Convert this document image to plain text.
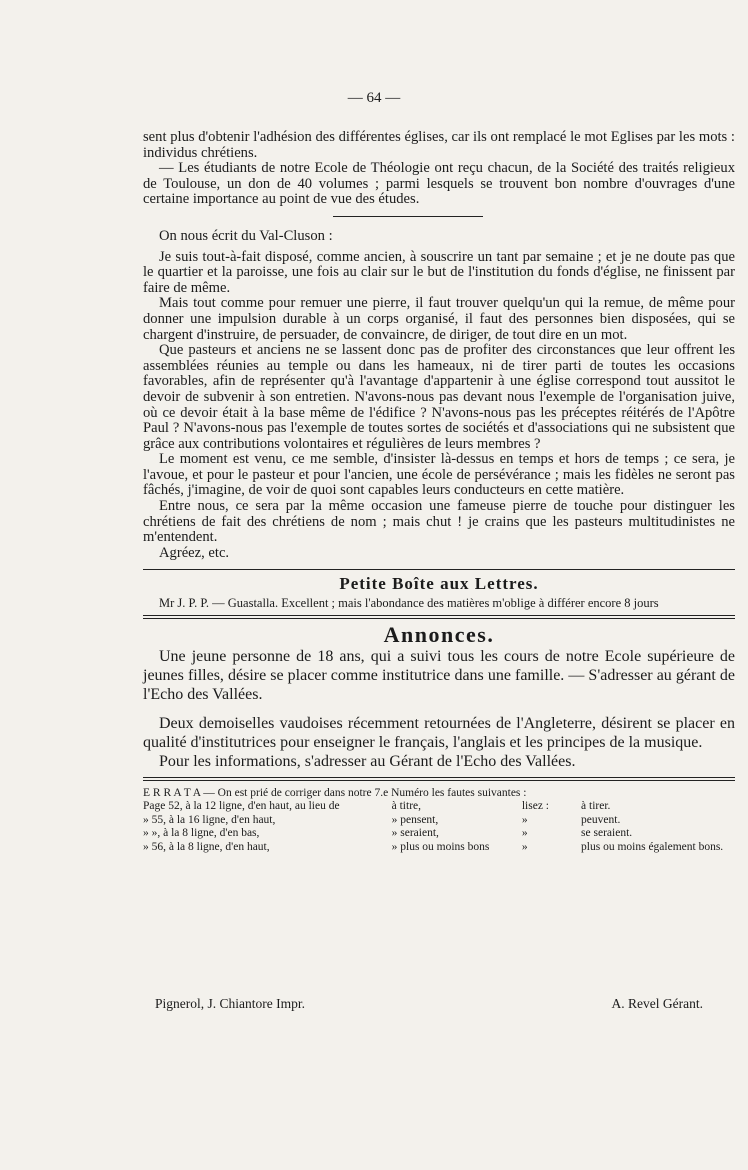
— 64 —

sent plus d'obtenir l'adhésion des différentes églises, car ils ont remplacé le mot Eglises par les mots : individus chrétiens.

— Les étudiants de notre Ecole de Théologie ont reçu chacun, de la Société des traités religieux de Toulouse, un don de 40 volumes ; parmi lesquels se trouvent bon nombre d'ouvrages d'une certaine importance au point de vue des études.

On nous écrit du Val-Cluson :

Je suis tout-à-fait disposé, comme ancien, à souscrire un tant par semaine ; et je ne doute pas que le quartier et la paroisse, une fois au clair sur le but de l'institution du fonds d'église, ne finissent par faire de même.

Mais tout comme pour remuer une pierre, il faut trouver quelqu'un qui la remue, de même pour donner une impulsion durable à un corps organisé, il faut des personnes bien disposées, qui se chargent d'instruire, de persuader, de convaincre, de diriger, de tout dire en un mot.

Que pasteurs et anciens ne se lassent donc pas de profiter des circonstances que leur offrent les assemblées réunies au temple ou dans les hameaux, ni de tirer parti de toutes les occasions favorables, afin de représenter qu'à l'avantage d'appartenir à une église correspond tout aussitot le devoir de subvenir à son entretien. N'avons-nous pas devant nous l'exemple de l'organisation juive, où ce devoir était à la base même de l'édifice ? N'avons-nous pas les préceptes réitérés de l'Apôtre Paul ? N'avons-nous pas l'exemple de toutes sortes de sociétés et d'associations qui ne subsistent que grâce aux contributions volontaires et régulières de leurs membres ?

Le moment est venu, ce me semble, d'insister là-dessus en temps et hors de temps ; ce sera, je l'avoue, et pour le pasteur et pour l'ancien, une école de persévérance ; mais les fidèles ne seront pas fâchés, j'imagine, de voir de quoi sont capables leurs conducteurs en cette matière.

Entre nous, ce sera par la même occasion une fameuse pierre de touche pour distinguer les chrétiens de fait des chrétiens de nom ; mais chut ! je crains que les pasteurs multitudinistes ne m'entendent.

Agréez, etc.

Petite Boîte aux Lettres.

Mr J. P. P. — Guastalla. Excellent ; mais l'abondance des matières m'oblige à différer encore 8 jours

Annonces.

Une jeune personne de 18 ans, qui a suivi tous les cours de notre Ecole supérieure de jeunes filles, désire se placer comme institutrice dans une famille. — S'adresser au gérant de l'Echo des Vallées.

Deux demoiselles vaudoises récemment retournées de l'Angleterre, désirent se placer en qualité d'institutrices pour enseigner le français, l'anglais et les principes de la musique.

Pour les informations, s'adresser au Gérant de l'Echo des Vallées.

E R R A T A — On est prié de corriger dans notre 7.e Numéro les fautes suivantes :
Page 52, à la 12 ligne, d'en haut, au lieu de	à titre,	lisez :	à tirer.
» 55, à la 16 ligne, d'en haut,	» pensent,	»	peuvent.
» », à la 8 ligne, d'en bas,	» seraient,	»	se seraient.
» 56, à la 8 ligne, d'en haut,	» plus ou moins bons	»	plus ou moins également bons.
Pignerol, J. Chiantore Impr.	A. Revel Gérant.
